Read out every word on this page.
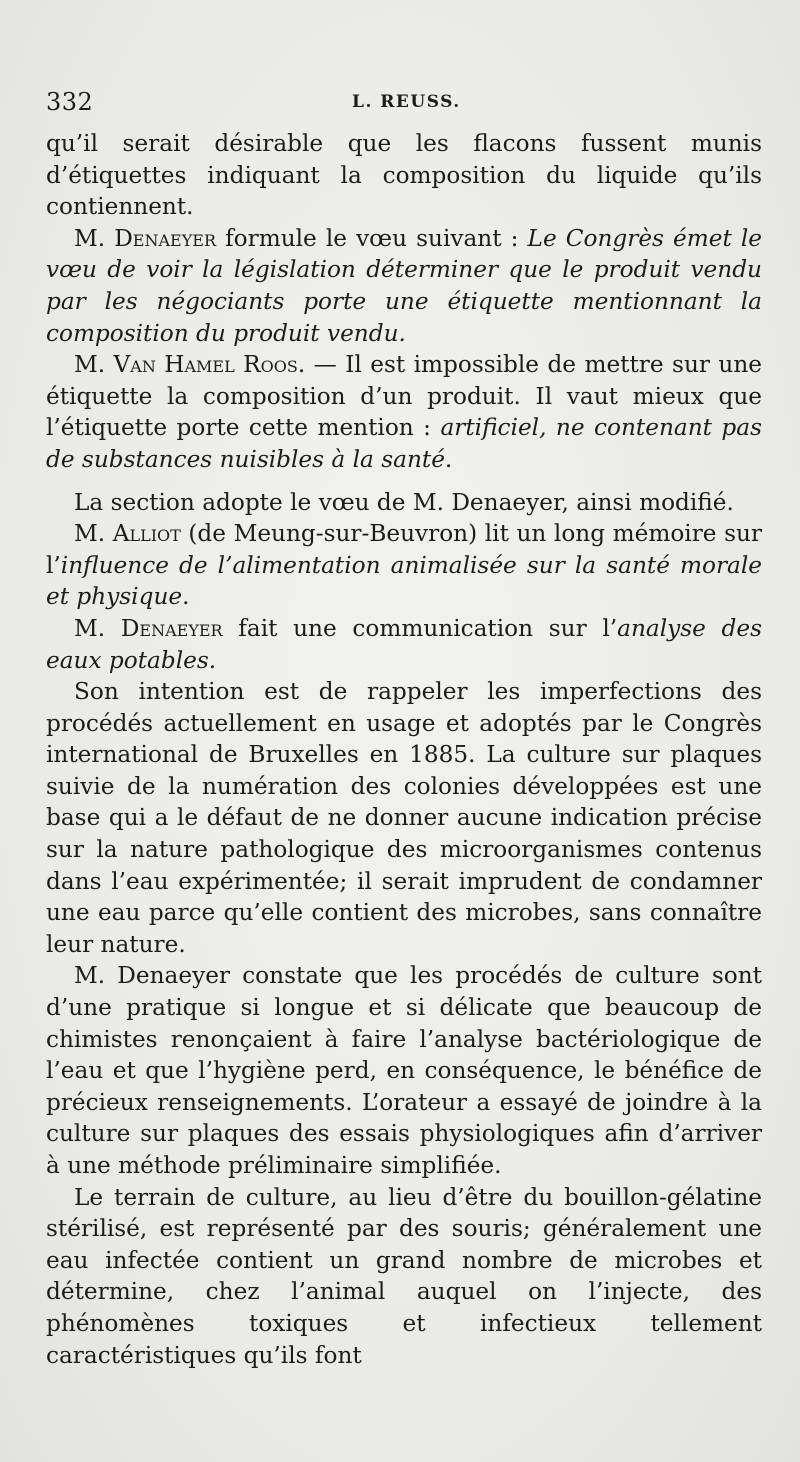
332	L. REUSS.

qu’il serait désirable que les flacons fussent munis d’étiquettes indiquant la composition du liquide qu’ils contiennent.

M. Denaeyer formule le vœu suivant : Le Congrès émet le vœu de voir la législation déterminer que le produit vendu par les négociants porte une étiquette mentionnant la composition du produit vendu.

M. Van Hamel Roos. — Il est impossible de mettre sur une étiquette la composition d’un produit. Il vaut mieux que l’étiquette porte cette mention : artificiel, ne contenant pas de substances nuisibles à la santé.

La section adopte le vœu de M. Denaeyer, ainsi modifié.

M. Alliot (de Meung-sur-Beuvron) lit un long mémoire sur l’influence de l’alimentation animalisée sur la santé morale et physique.

M. Denaeyer fait une communication sur l’analyse des eaux potables.

Son intention est de rappeler les imperfections des procédés actuellement en usage et adoptés par le Congrès international de Bruxelles en 1885. La culture sur plaques suivie de la numération des colonies développées est une base qui a le défaut de ne donner aucune indication précise sur la nature pathologique des microorganismes contenus dans l’eau expérimentée; il serait imprudent de condamner une eau parce qu’elle contient des microbes, sans connaître leur nature.

M. Denaeyer constate que les procédés de culture sont d’une pratique si longue et si délicate que beaucoup de chimistes renonçaient à faire l’analyse bactériologique de l’eau et que l’hygiène perd, en conséquence, le bénéfice de précieux renseignements. L’orateur a essayé de joindre à la culture sur plaques des essais physiologiques afin d’arriver à une méthode préliminaire simplifiée.

Le terrain de culture, au lieu d’être du bouillon-gélatine stérilisé, est représenté par des souris; généralement une eau infectée contient un grand nombre de microbes et détermine, chez l’animal auquel on l’injecte, des phénomènes toxiques et infectieux tellement caractéristiques qu’ils font
